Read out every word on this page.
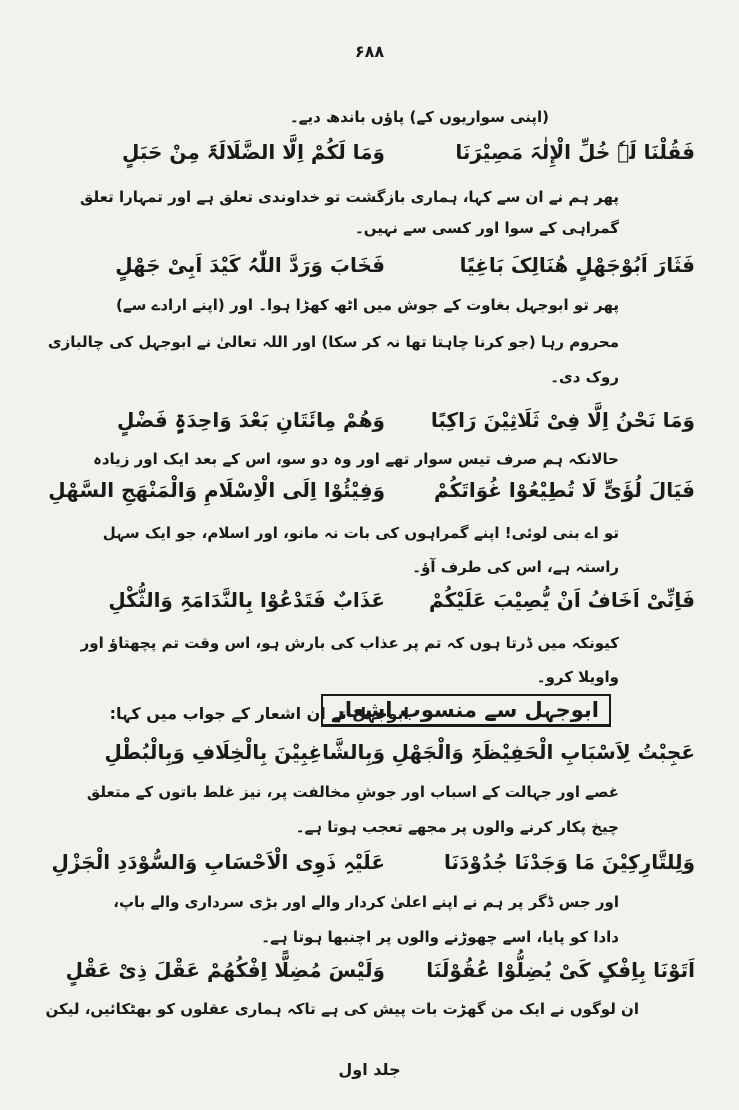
۶۸۸
(اپنی سواریوں کے) پاؤں باندھ دیے۔
فَقُلْنَا لَہٗ خُلِّ الْإِلٰہَ مَصِیْرَنَا
وَمَا لَکُمْ اِلَّا الضَّلَالَۃَ مِنْ حَبَلٍ
پھر ہم نے ان سے کہا، ہماری بازگشت تو خداوندی تعلق ہے اور تمہارا تعلق
گمراہی کے سوا اور کسی سے نہیں۔
فَثَارَ اَبُوْجَھْلٍ ھُنَالِکَ بَاغِیًا
فَخَابَ وَرَدَّ اللّٰہُ کَیْدَ اَبِیْ جَھْلٍ
پھر تو ابوجہل بغاوت کے جوش میں اٹھ کھڑا ہوا۔ اور (اپنے ارادے سے)
محروم رہا (جو کرنا چاہتا تھا نہ کر سکا) اور اللہ تعالیٰ نے ابوجہل کی چالبازی
روک دی۔
وَمَا نَحْنُ اِلَّا فِیْ ثَلَاثِیْنَ رَاکِبًا
وَھُمْ مِائَتَانِ بَعْدَ وَاحِدَۃٍ فَضْلٍ
حالانکہ ہم صرف تیس سوار تھے اور وہ دو سو، اس کے بعد ایک اور زیادہ
فَیَالَ لُؤَیٍّ لَا تُطِیْعُوْا غُوَاتَکُمْ
وَفِیْئُوْا اِلَی الْاِسْلَامِ وَالْمَنْھَجِ السَّھْلِ
تو اے بنی لوئی! اپنے گمراہوں کی بات نہ مانو، اور اسلام، جو ایک سہل
راستہ ہے، اس کی طرف آؤ۔
فَاِنِّیْ اَخَافُ اَنْ یُّصِیْبَ عَلَیْکُمْ
عَذَابٌ فَتَدْعُوْا بِالنَّدَامَۃِ وَالثُّکْلِ
کیونکہ میں ڈرتا ہوں کہ تم پر عذاب کی بارش ہو، اس وقت تم پچھتاؤ اور
واویلا کرو۔
ابوجہل سے منسوب اشعار
ابوجہل نے ان اشعار کے جواب میں کہا:
عَجِبْتُ لِاَسْبَابِ الْحَفِیْظَۃِ وَالْجَھْلِ
وَبِالشَّاغِبِیْنَ بِالْخِلَافِ وَبِالْبُطْلِ
غصے اور جہالت کے اسباب اور جوشِ مخالفت پر، نیز غلط باتوں کے متعلق
چیخ پکار کرنے والوں پر مجھے تعجب ہوتا ہے۔
وَلِلتَّارِکِیْنَ مَا وَجَدْنَا جُدُوْدَنَا
عَلَیْہِ ذَوِی الْاَحْسَابِ وَالسُّوْدَدِ الْجَزْلِ
اور جس ڈگر پر ہم نے اپنے اعلیٰ کردار والے اور بڑی سرداری والے باپ،
دادا کو پایا، اسے چھوڑنے والوں پر اچنبھا ہوتا ہے۔
اَتَوْنَا بِاِفْکٍ کَیْ یُضِلُّوْا عُقُوْلَنَا
وَلَیْسَ مُضِلًّا اِفْکُھُمْ عَقْلَ ذِیْ عَقْلٍ
ان لوگوں نے ایک من گھڑت بات پیش کی ہے تاکہ ہماری عقلوں کو بھٹکائیں، لیکن
جلد اول
